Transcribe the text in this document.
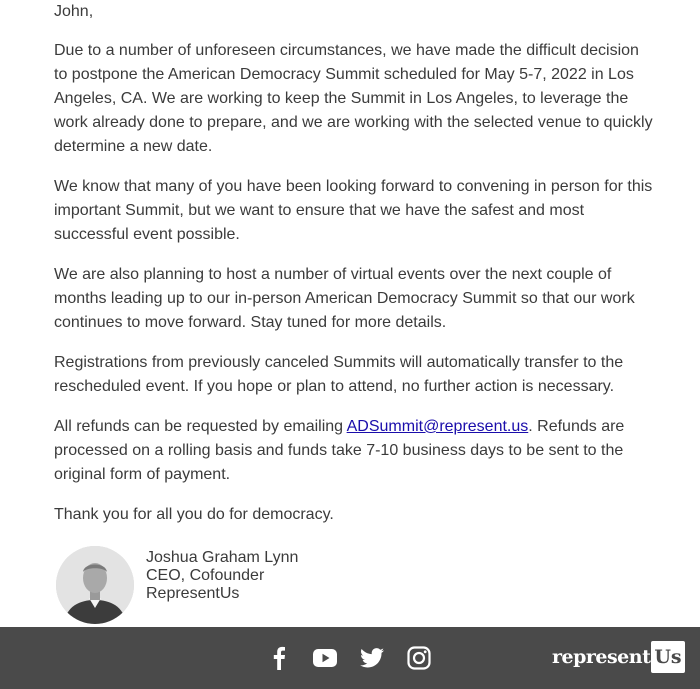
John,

Due to a number of unforeseen circumstances, we have made the difficult decision to postpone the American Democracy Summit scheduled for May 5-7, 2022 in Los Angeles, CA. We are working to keep the Summit in Los Angeles, to leverage the work already done to prepare, and we are working with the selected venue to quickly determine a new date.

We know that many of you have been looking forward to convening in person for this important Summit, but we want to ensure that we have the safest and most successful event possible.

We are also planning to host a number of virtual events over the next couple of months leading up to our in-person American Democracy Summit so that our work continues to move forward. Stay tuned for more details.

Registrations from previously canceled Summits will automatically transfer to the rescheduled event. If you hope or plan to attend, no further action is necessary.

All refunds can be requested by emailing ADSummit@represent.us. Refunds are processed on a rolling basis and funds take 7-10 business days to be sent to the original form of payment.

Thank you for all you do for democracy.

Joshua Graham Lynn
CEO, Cofounder
RepresentUs
represent Us
